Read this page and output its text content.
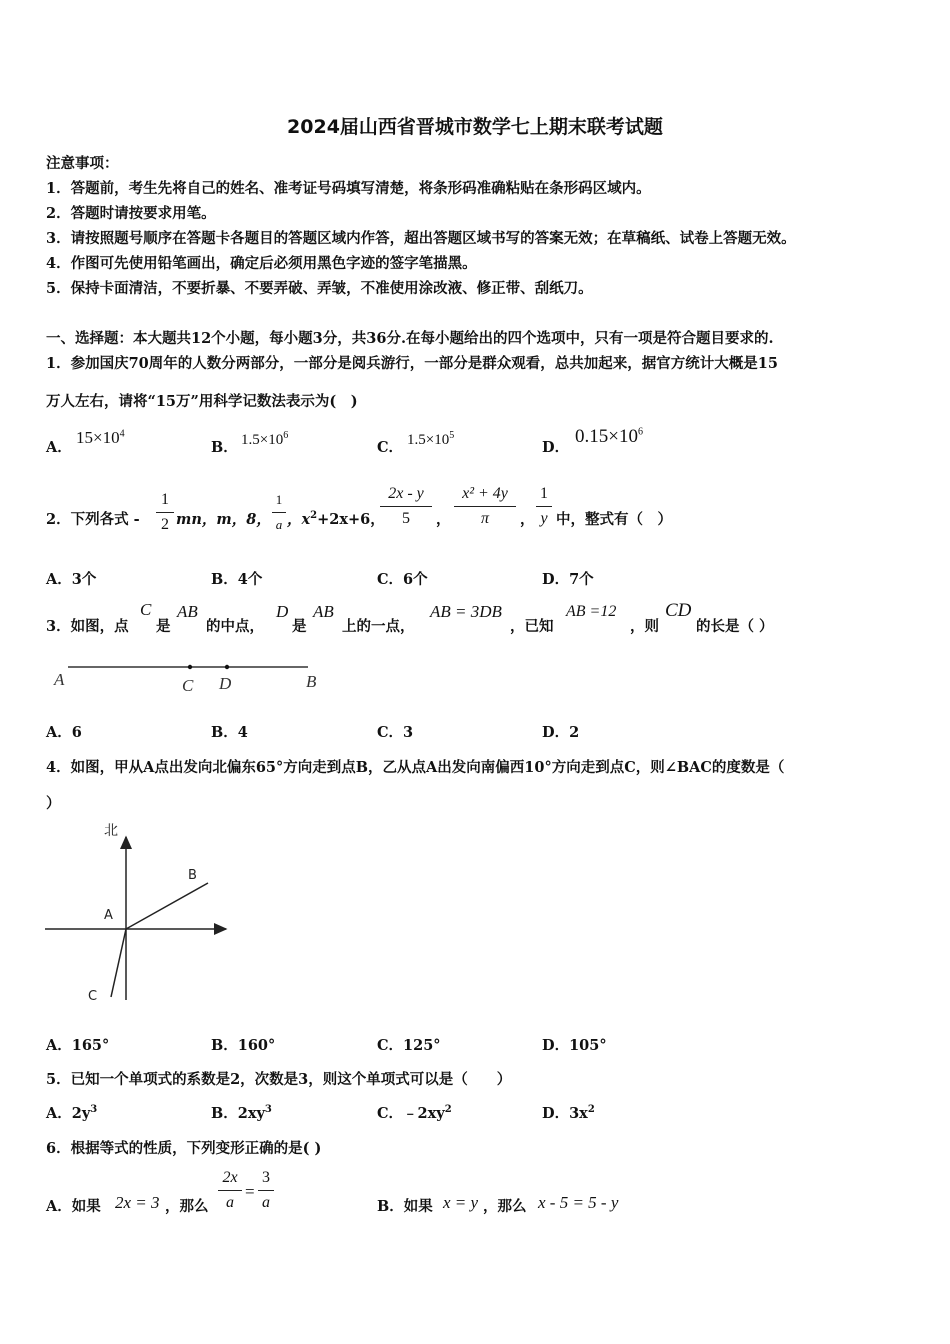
2024届山西省晋城市数学七上期末联考试题
注意事项：
1．答题前，考生先将自己的姓名、准考证号码填写清楚，将条形码准确粘贴在条形码区域内。
2．答题时请按要求用笔。
3．请按照题号顺序在答题卡各题目的答题区域内作答，超出答题区域书写的答案无效；在草稿纸、试卷上答题无效。
4．作图可先使用铅笔画出，确定后必须用黑色字迹的签字笔描黑。
5．保持卡面清洁，不要折暴、不要弄破、弄皱，不准使用涂改液、修正带、刮纸刀。
一、选择题：本大题共12个小题，每小题3分，共36分.在每小题给出的四个选项中，只有一项是符合题目要求的.
1．参加国庆70周年的人数分两部分，一部分是阅兵游行，一部分是群众观看，总共加起来，据官方统计大概是15
万人左右，请将“15万”用科学记数法表示为(　)
A．
$15\times 10^4$
B． $1.5\times 10^6$
C． $1.5\times 10^5$
D．
$0.15\times 10^6$
2．下列各式 -
1
2 mn，m，8，
1
a ，$x^2+2x+6$，
2x - y
5	，
x² + 4y
π	，
1
y 中，整式有（　）
A．3个	B．4个	C．6个	D．7个
3．如图，点
C
是
AB
的中点，
D
是
AB
上的一点，
AB = 3DB
，已知
AB =12
，则
CD
的长是（ ）
A	C D	B
A．6	B．4	C．3	D．2
4．如图，甲从A点出发向北偏东65°方向走到点B，乙从点A出发向南偏西10°方向走到点C，则∠BAC的度数是（
）
北
A
B
C
A．165°	B．160°	C．125°	D．105°
5．已知一个单项式的系数是2，次数是3，则这个单项式可以是（　　）
A．$2y^3$	B．$2xy^3$	C．$﹣2xy^2$	D．$3x^2$
6．根据等式的性质，下列变形正确的是( )
A．如果 2x = 3 ，那么
2x
a
=
3
a	B．如果 x = y ，那么 x - 5 = 5 - y
